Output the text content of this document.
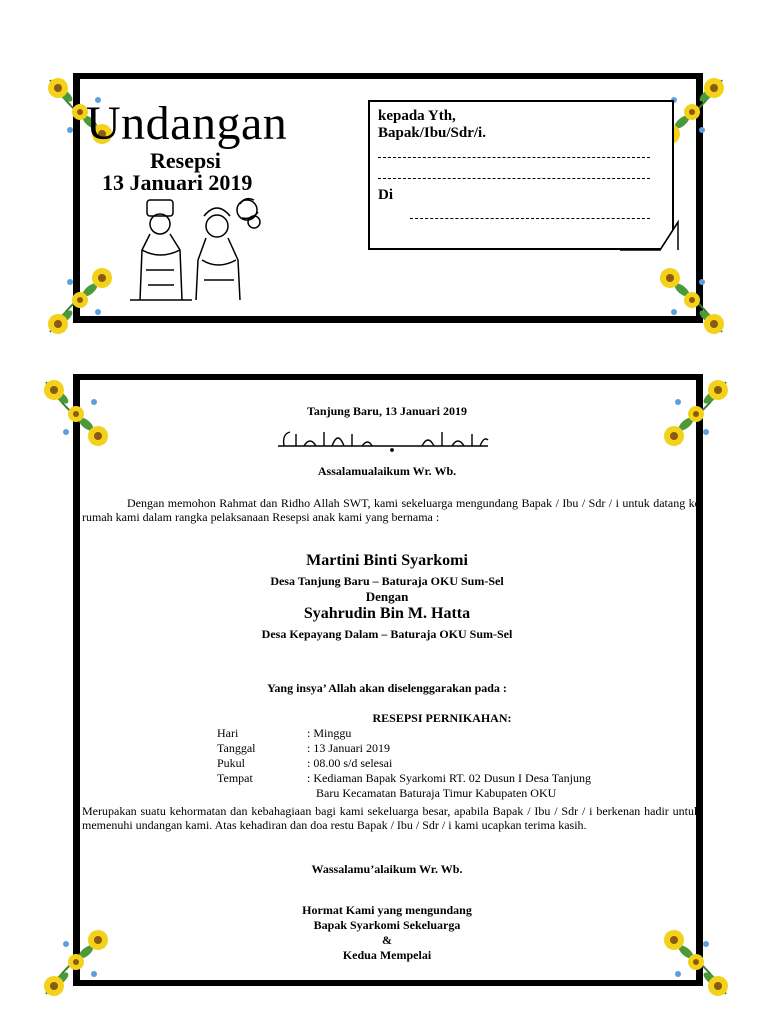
Undangan
Resepsi
13 Januari 2019
kepada Yth,
Bapak/Ibu/Sdr/i.
Di
Tanjung Baru, 13 Januari 2019
Assalamualaikum Wr. Wb.
Dengan memohon Rahmat dan Ridho Allah SWT, kami sekeluarga mengundang Bapak / Ibu / Sdr / i untuk datang ke rumah kami dalam rangka pelaksanaan Resepsi anak kami yang bernama :
Martini Binti Syarkomi
Desa Tanjung Baru – Baturaja OKU Sum-Sel
Dengan
Syahrudin Bin M. Hatta
Desa Kepayang Dalam – Baturaja OKU Sum-Sel
Yang insya’ Allah akan diselenggarakan pada :
RESEPSI PERNIKAHAN:
Hari	: Minggu
Tanggal	: 13 Januari 2019
Pukul	: 08.00 s/d selesai
Tempat	: Kediaman Bapak Syarkomi RT. 02 Dusun I Desa Tanjung
Baru Kecamatan Baturaja Timur Kabupaten OKU
Merupakan suatu kehormatan dan kebahagiaan bagi kami sekeluarga besar, apabila Bapak / Ibu / Sdr / i berkenan hadir untuk memenuhi undangan kami. Atas kehadiran dan doa restu Bapak / Ibu / Sdr / i kami ucapkan terima kasih.
Wassalamu’alaikum Wr. Wb.
Hormat Kami yang mengundang
Bapak Syarkomi Sekeluarga
&
Kedua Mempelai
